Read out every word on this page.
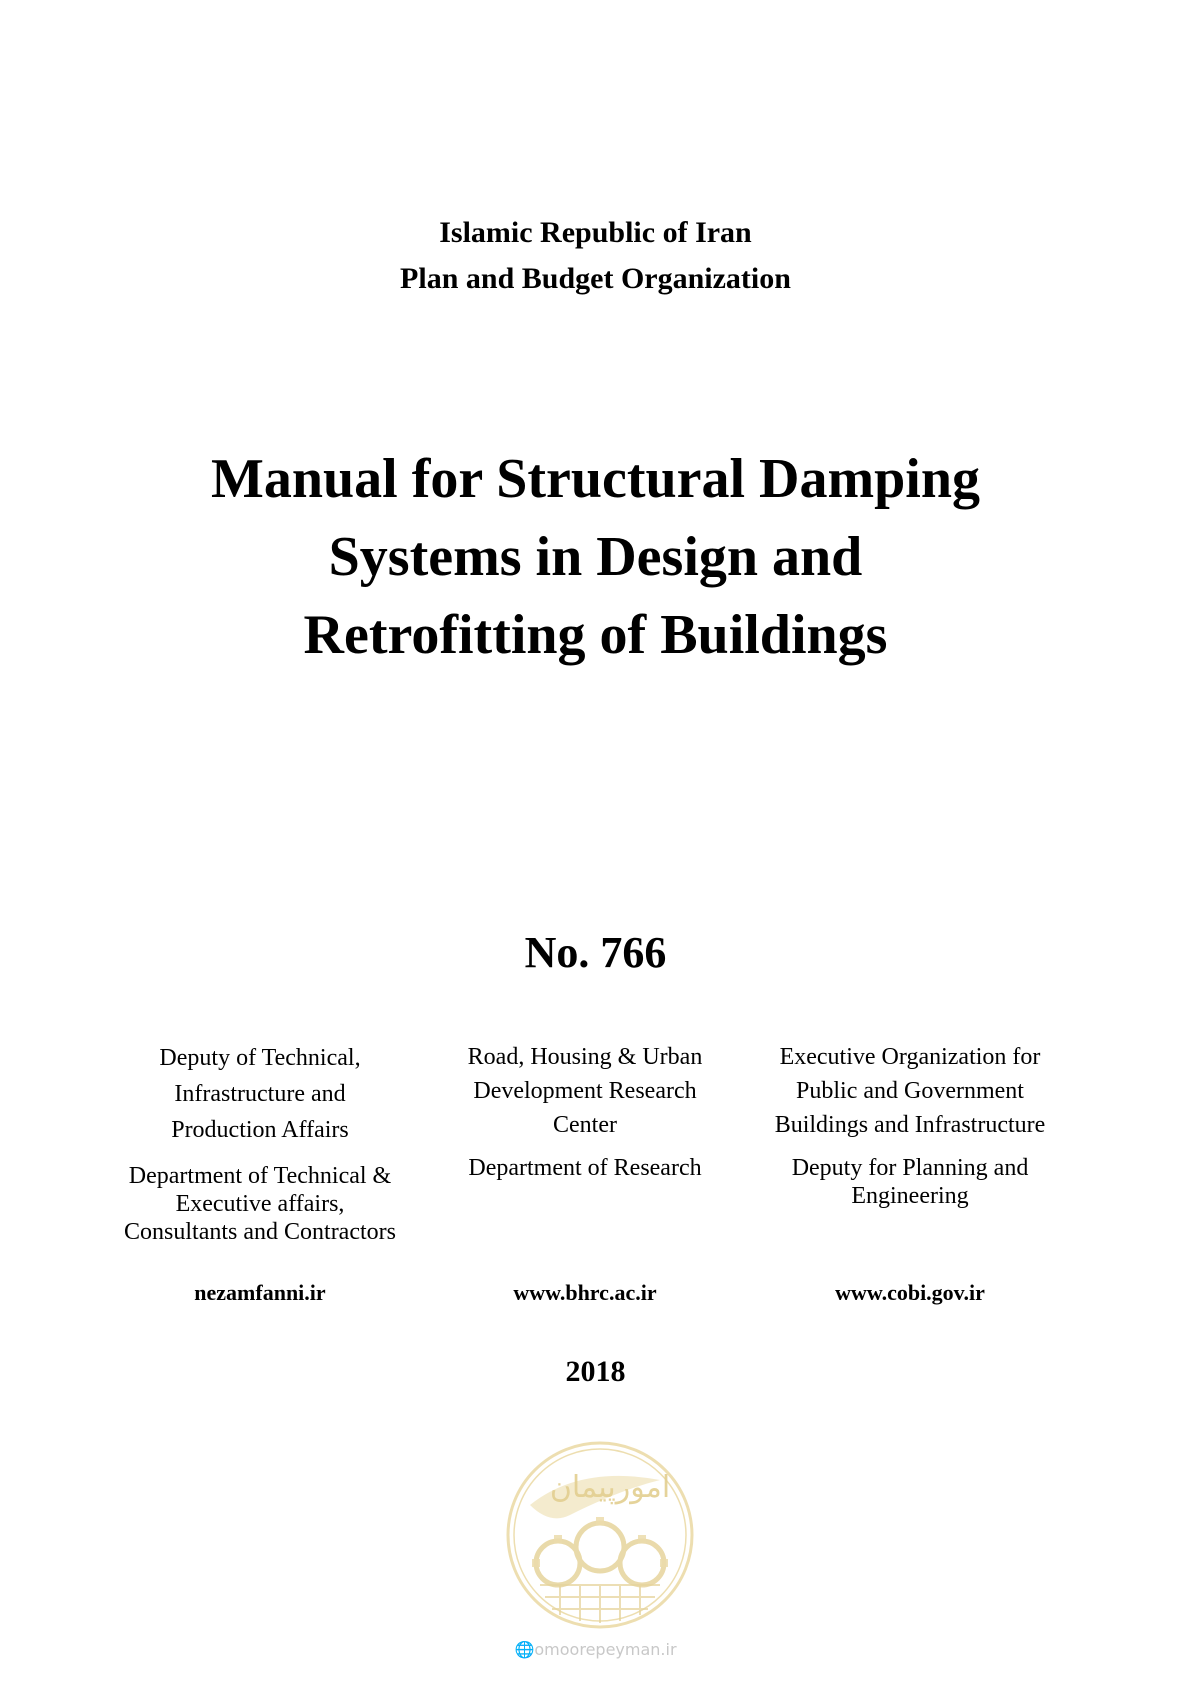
Islamic Republic of Iran
Plan and Budget Organization
Manual for Structural Damping
Systems in Design and
Retrofitting of Buildings
No. 766
Deputy of Technical,
Infrastructure and
Production Affairs
Department of Technical &
Executive affairs,
Consultants and Contractors
nezamfanni.ir
Road, Housing & Urban
Development Research
Center
Department of Research
www.bhrc.ac.ir
Executive Organization for
Public and Government
Buildings and Infrastructure
Deputy for Planning and
Engineering
www.cobi.gov.ir
2018
امورپیمان
🌐omoorepeyman.ir
